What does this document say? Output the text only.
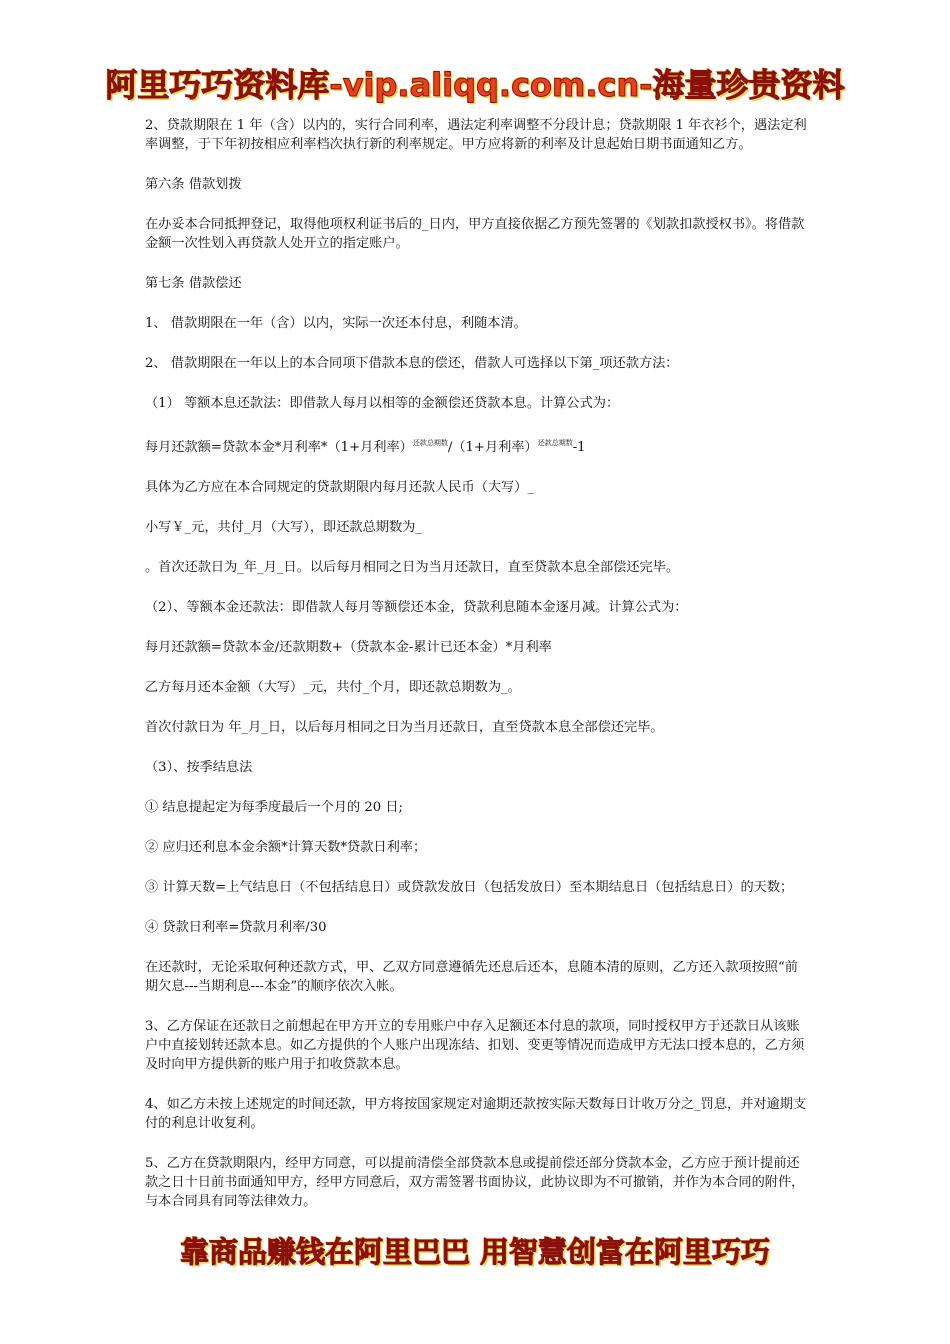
阿里巧巧资料库-vip.aliqq.com.cn-海量珍贵资料

2、贷款期限在 1 年（含）以内的，实行合同利率，遇法定利率调整不分段计息；贷款期限 1 年衣衫个，遇法定利率调整，于下年初按相应利率档次执行新的利率规定。甲方应将新的利率及计息起始日期书面通知乙方。

第六条 借款划拨

在办妥本合同抵押登记，取得他项权利证书后的_日内，甲方直接依据乙方预先签署的《划款扣款授权书》。将借款金额一次性划入再贷款人处开立的指定账户。

第七条 借款偿还

1、 借款期限在一年（含）以内，实际一次还本付息，利随本清。

2、 借款期限在一年以上的本合同项下借款本息的偿还，借款人可选择以下第_项还款方法：

（1） 等额本息还款法：即借款人每月以相等的金额偿还贷款本息。计算公式为：

每月还款额=贷款本金*月利率*（1+月利率）$^{还款总期数}$/（1+月利率）$^{还款总期数}$-1

具体为乙方应在本合同规定的贷款期限内每月还款人民币（大写）_

小写￥_元，共付_月（大写），即还款总期数为_

。首次还款日为_年_月_日。以后每月相同之日为当月还款日，直至贷款本息全部偿还完毕。

（2）、等额本金还款法：即借款人每月等额偿还本金，贷款利息随本金逐月减。计算公式为：

每月还款额=贷款本金/还款期数+（贷款本金-累计已还本金）*月利率

乙方每月还本金额（大写）_元，共付_个月，即还款总期数为_。

首次付款日为 年_月_日，以后每月相同之日为当月还款日，直至贷款本息全部偿还完毕。

（3）、按季结息法

① 结息提起定为每季度最后一个月的 20 日;

② 应归还利息本金余额*计算天数*贷款日利率；

③ 计算天数=上气结息日（不包括结息日）或贷款发放日（包括发放日）至本期结息日（包括结息日）的天数；

④ 贷款日利率=贷款月利率/30

在还款时，无论采取何种还款方式，甲、乙双方同意遵循先还息后还本，息随本清的原则，乙方还入款项按照“前期欠息---当期利息---本金”的顺序依次入帐。

3、乙方保证在还款日之前想起在甲方开立的专用账户中存入足额还本付息的款项，同时授权甲方于还款日从该账户中直接划转还款本息。如乙方提供的个人账户出现冻结、扣划、变更等情况而造成甲方无法口授本息的，乙方须及时向甲方提供新的账户用于扣收贷款本息。

4、如乙方未按上述规定的时间还款，甲方将按国家规定对逾期还款按实际天数每日计收万分之_罚息，并对逾期支付的利息计收复利。

5、乙方在贷款期限内，经甲方同意，可以提前清偿全部贷款本息或提前偿还部分贷款本金，乙方应于预计提前还款之日十日前书面通知甲方，经甲方同意后，双方需签署书面协议，此协议即为不可撤销，并作为本合同的附件，与本合同具有同等法律效力。

靠商品赚钱在阿里巴巴 用智慧创富在阿里巧巧
